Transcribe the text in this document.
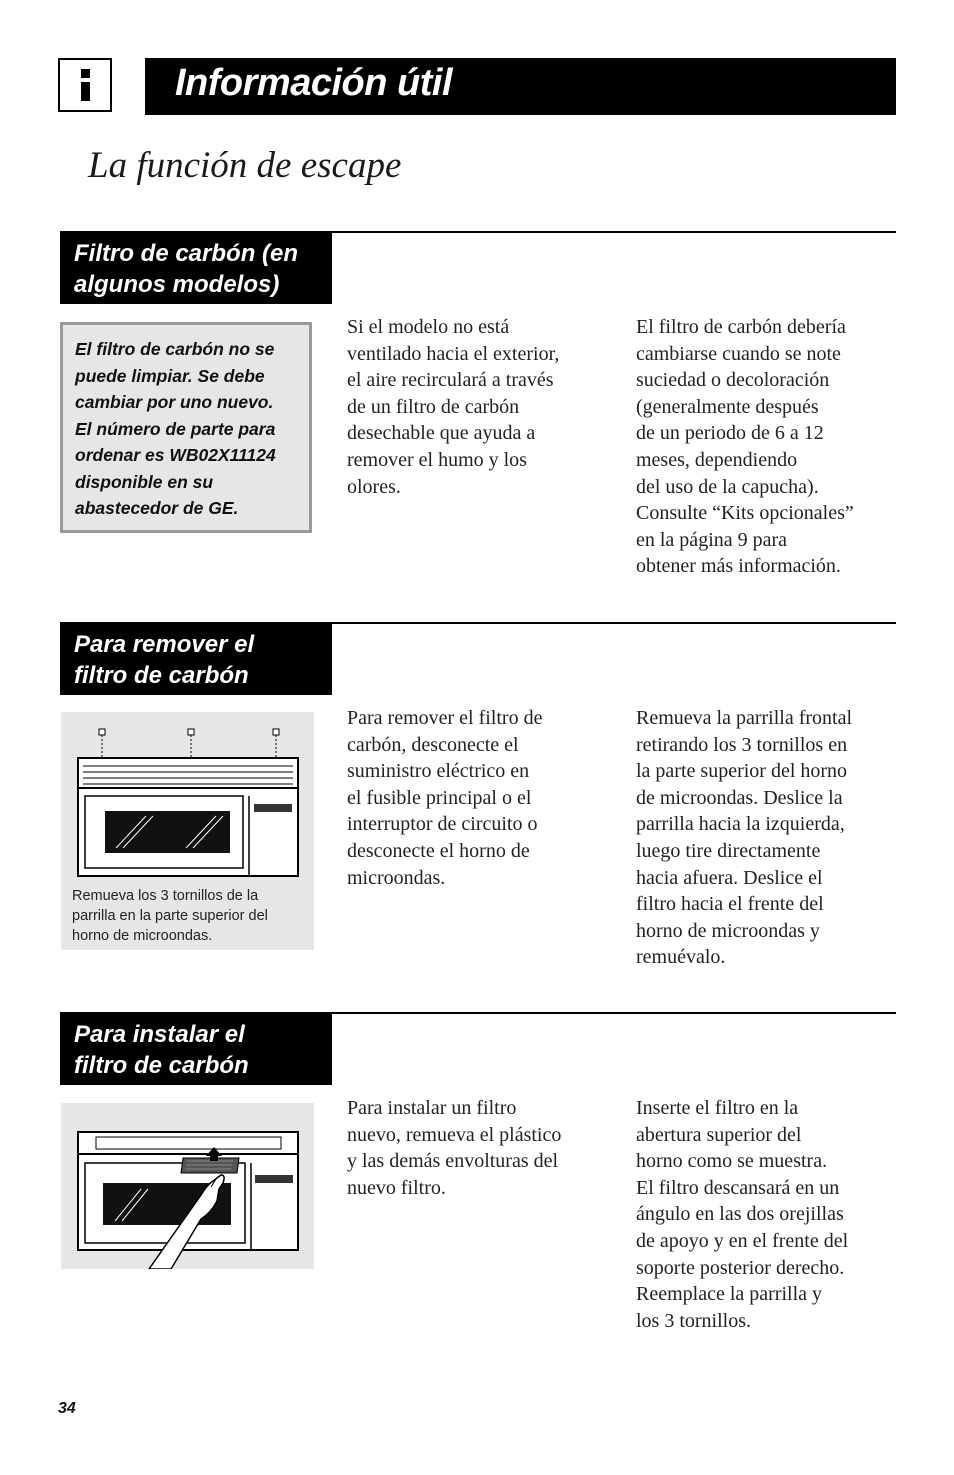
Información útil
La función de escape
Filtro de carbón (en
algunos modelos)
El filtro de carbón no se
puede limpiar. Se debe
cambiar por uno nuevo.
El número de parte para
ordenar es WB02X11124
disponible en su
abastecedor de GE.
Si el modelo no está
ventilado hacia el exterior,
el aire recirculará a través
de un filtro de carbón
desechable que ayuda a
remover el humo y los
olores.
El filtro de carbón debería
cambiarse cuando se note
suciedad o decoloración
(generalmente después
de un periodo de 6 a 12
meses, dependiendo
del uso de la capucha).
Consulte “Kits opcionales”
en la página 9 para
obtener más información.
Para remover el
filtro de carbón
Remueva los 3 tornillos de la
parrilla en la parte superior del
horno de microondas.
Para remover el filtro de
carbón, desconecte el
suministro eléctrico en
el fusible principal o el
interruptor de circuito o
desconecte el horno de
microondas.
Remueva la parrilla frontal
retirando los 3 tornillos en
la parte superior del horno
de microondas. Deslice la
parrilla hacia la izquierda,
luego tire directamente
hacia afuera. Deslice el
filtro hacia el frente del
horno de microondas y
remuévalo.
Para instalar el
filtro de carbón
Para instalar un filtro
nuevo, remueva el plástico
y las demás envolturas del
nuevo filtro.
Inserte el filtro en la
abertura superior del
horno como se muestra.
El filtro descansará en un
ángulo en las dos orejillas
de apoyo y en el frente del
soporte posterior derecho.
Reemplace la parrilla y
los 3 tornillos.
34
